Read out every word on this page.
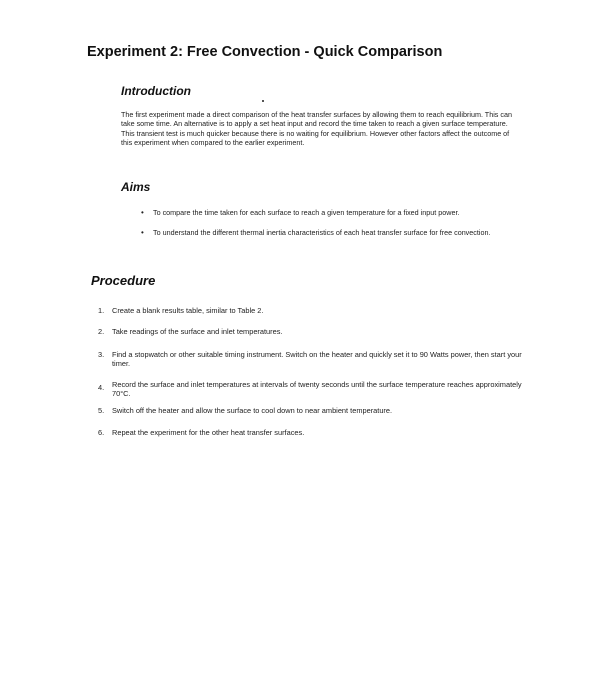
Experiment 2: Free Convection - Quick Comparison
Introduction
The first experiment made a direct comparison of the heat transfer surfaces by allowing them to reach equilibrium. This can take some time. An alternative is to apply a set heat input and record the time taken to reach a given surface temperature. This transient test is much quicker because there is no waiting for equilibrium. However other factors affect the outcome of this experiment when compared to the earlier experiment.
Aims
• To compare the time taken for each surface to reach a given temperature for a fixed input power.
• To understand the different thermal inertia characteristics of each heat transfer surface for free convection.
Procedure
1.	Create a blank results table, similar to Table 2.
2.	Take readings of the surface and inlet temperatures.
3.	Find a stopwatch or other suitable timing instrument. Switch on the heater and quickly set it to 90 Watts power, then start your timer.
4.	Record the surface and inlet temperatures at intervals of twenty seconds until the surface temperature reaches approximately 70°C.
5.	Switch off the heater and allow the surface to cool down to near ambient temperature.
6.	Repeat the experiment for the other heat transfer surfaces.
